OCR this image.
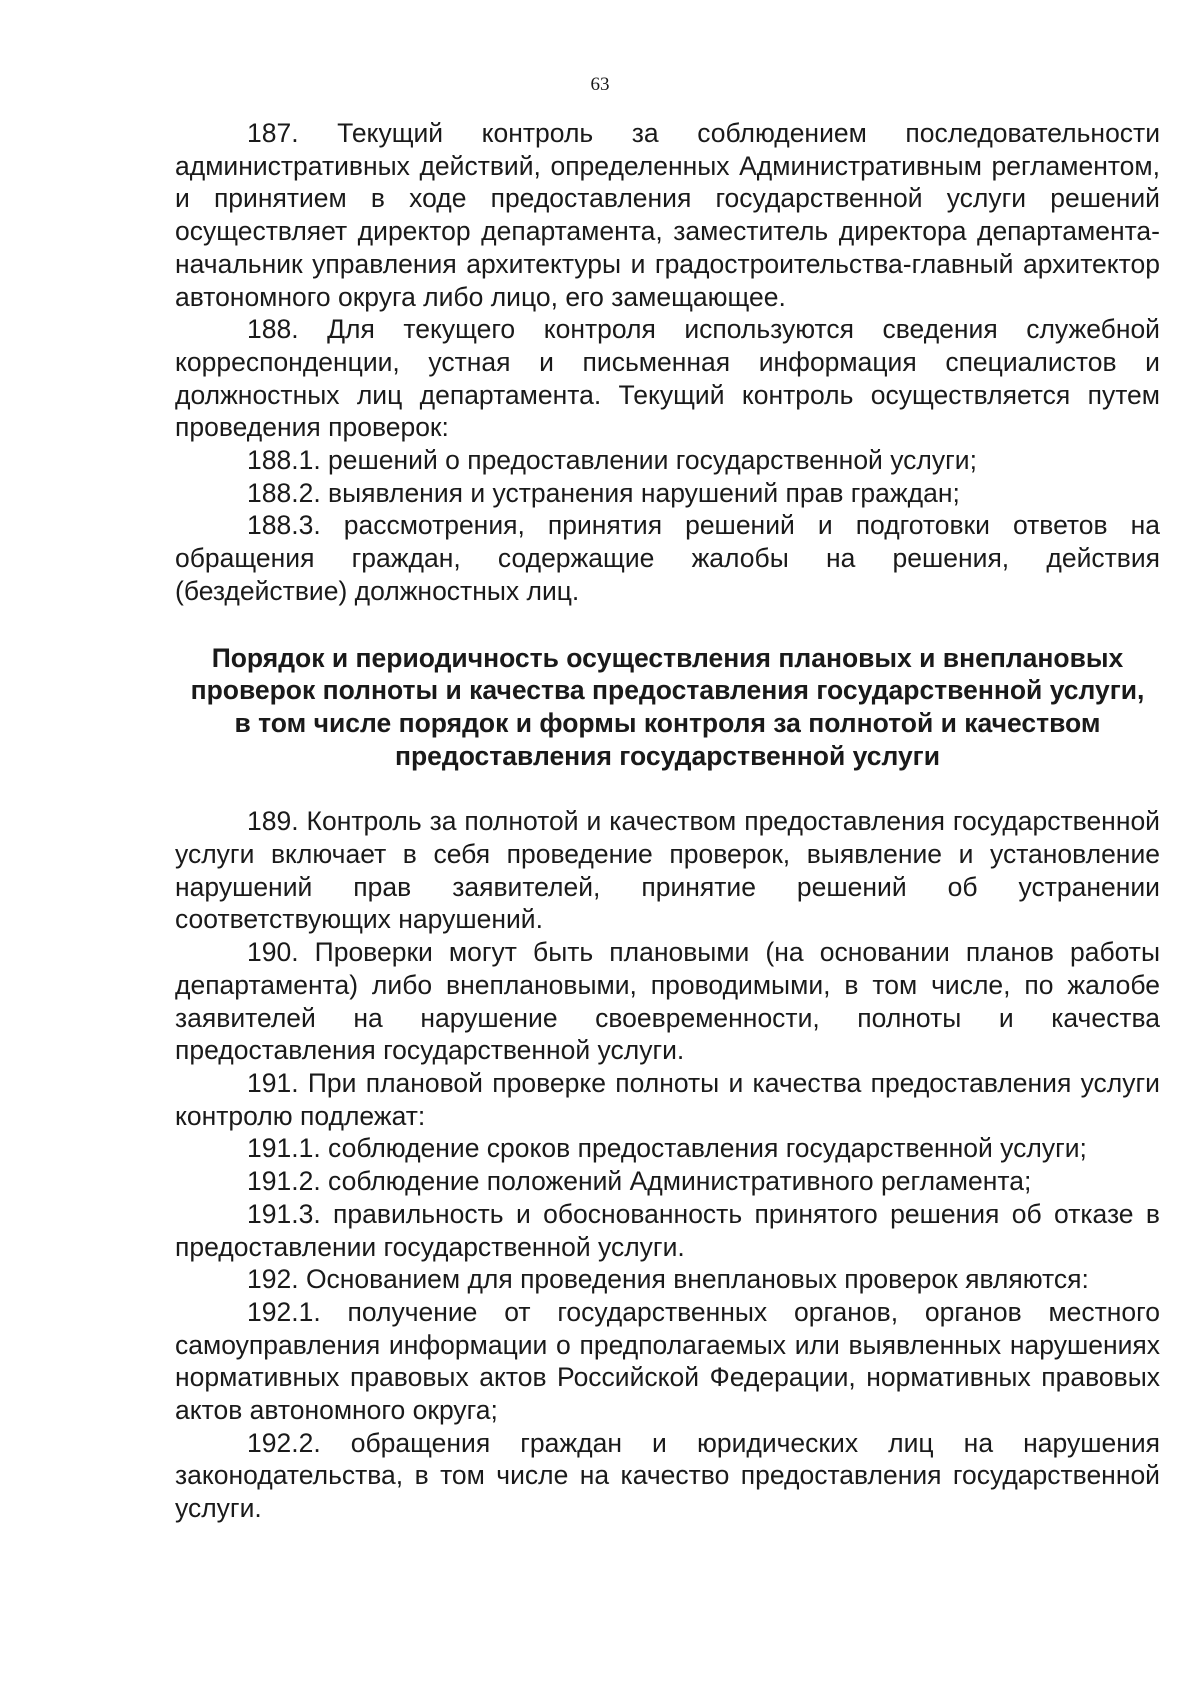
63

187. Текущий контроль за соблюдением последовательности административных действий, определенных Административным регламентом, и принятием в ходе предоставления государственной услуги решений осуществляет директор департамента, заместитель директора департамента-начальник управления архитектуры и градостроительства-главный архитектор автономного округа либо лицо, его замещающее.

188. Для текущего контроля используются сведения служебной корреспонденции, устная и письменная информация специалистов и должностных лиц департамента. Текущий контроль осуществляется путем проведения проверок:

188.1. решений о предоставлении государственной услуги;

188.2. выявления и устранения нарушений прав граждан;

188.3. рассмотрения, принятия решений и подготовки ответов на обращения граждан, содержащие жалобы на решения, действия (бездействие) должностных лиц.

Порядок и периодичность осуществления плановых и внеплановых проверок полноты и качества предоставления государственной услуги, в том числе порядок и формы контроля за полнотой и качеством предоставления государственной услуги

189. Контроль за полнотой и качеством предоставления государственной услуги включает в себя проведение проверок, выявление и установление нарушений прав заявителей, принятие решений об устранении соответствующих нарушений.

190. Проверки могут быть плановыми (на основании планов работы департамента) либо внеплановыми, проводимыми, в том числе, по жалобе заявителей на нарушение своевременности, полноты и качества предоставления государственной услуги.

191. При плановой проверке полноты и качества предоставления услуги контролю подлежат:

191.1. соблюдение сроков предоставления государственной услуги;

191.2. соблюдение положений Административного регламента;

191.3. правильность и обоснованность принятого решения об отказе в предоставлении государственной услуги.

192. Основанием для проведения внеплановых проверок являются:

192.1. получение от государственных органов, органов местного самоуправления информации о предполагаемых или выявленных нарушениях нормативных правовых актов Российской Федерации, нормативных правовых актов автономного округа;

192.2. обращения граждан и юридических лиц на нарушения законодательства, в том числе на качество предоставления государственной услуги.
